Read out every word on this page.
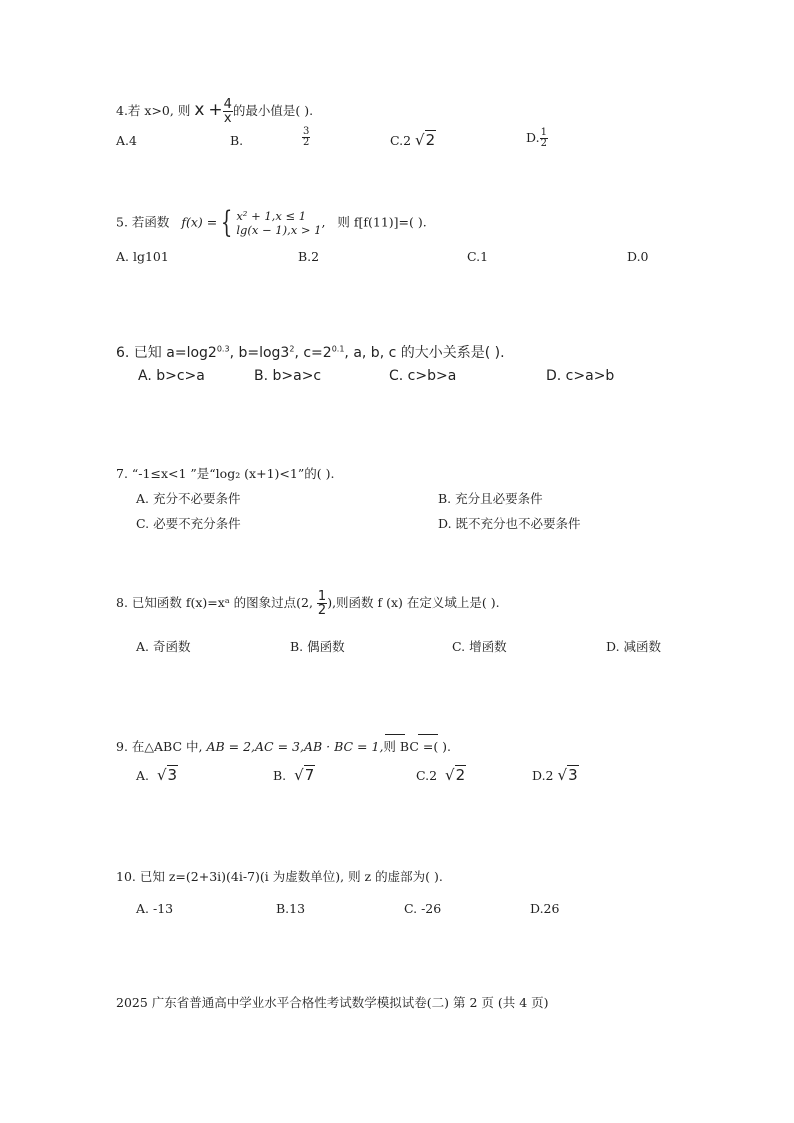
4.若 x>0, 则 $x + \frac{4}{x}$ 的最小值是( ).
A.4	B.	$\frac{3}{2}$	C.2 √2	D. $\frac{1}{2}$
5. 若函数 f(x) = { x² + 1,x ≤ 1
lg(x − 1),x > 1
, 则 f[f(11)]=( ).
A. lg101	B.2	C.1	D.0
6. 已知 $a=\log 2^{0.3}$, $b=\log 3^2$, $c=2^{0.1}$, a, b, c 的大小关系是( ).
A. b>c>a	B. b>a>c	C. c>b>a	D. c>a>b
7. “-1≤x<1 ”是“log₂ (x+1)<1”的( ).
A. 充分不必要条件	B. 充分且必要条件
C. 必要不充分条件	D. 既不充分也不必要条件
8. 已知函数 f(x)=xᵃ 的图象过点(2, $\frac{1}{2}$ ),则函数 f (x) 在定义域上是( ).
A. 奇函数	B. 偶函数	C. 增函数	D. 减函数
9. 在△ABC 中, AB = 2,AC = 3,AB · BC = 1,则 BC =( ).
A. √3	B. √7	C.2 √2	D.2 √3
10. 已知 z=(2+3i)(4i-7)(i 为虚数单位), 则 z 的虚部为( ).
A. -13	B.13	C. -26	D.26
2025 广东省普通高中学业水平合格性考试数学模拟试卷(二) 第 2 页 (共 4 页)
